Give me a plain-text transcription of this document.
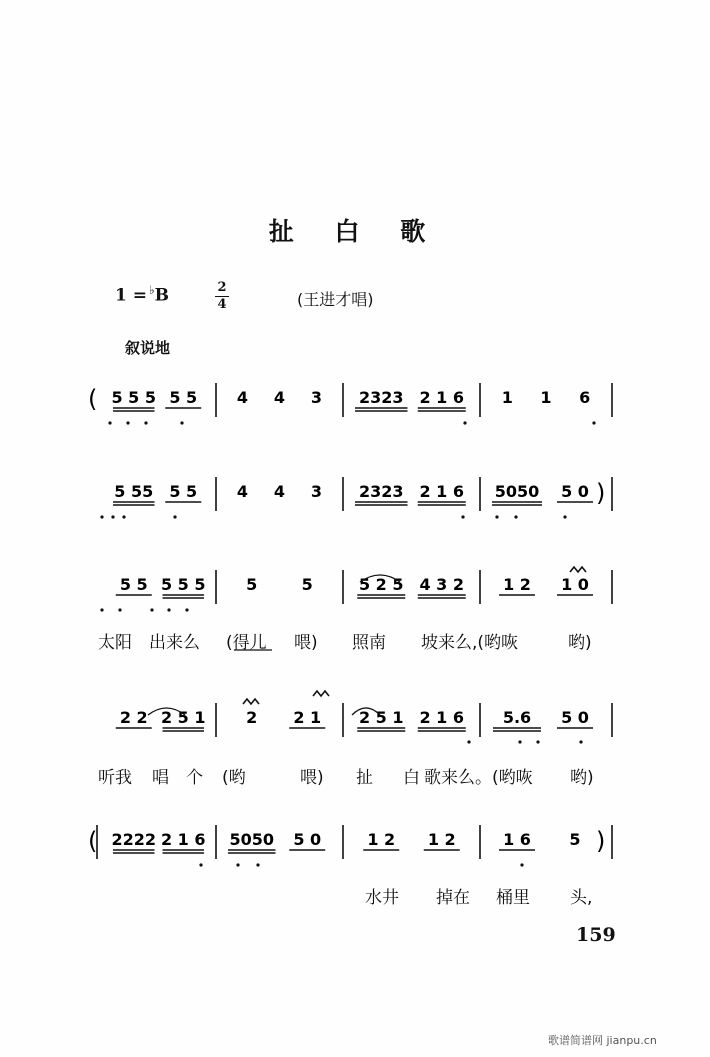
扯 白 歌
1 = ♭B	2
4	(王进才唱)
叙说地
( 5 5 5 5 5 4 4 3 2323 2 1 6 1 1 6
5 55 5 5 4 4 3 2323 2 1 6 5050 5 0 )
5 5 5 5 5	5	5	5 2 5 4 3 2 1 2 1 0
2 2 2 5 1	2 2 1 2 5 1 2 1 6 5.6 5 0
( 2222 2 1 6 5050 5 0	1 2 1 2	1 6 5 )
太阳 出来么 (得儿 喂) 照南 坡来么,(哟咴	哟)
听我 唱 个 (哟	喂) 扯 白 歌来么。(哟咴 哟)
水井 掉在 桶里 头,
159
歌谱简谱网 jianpu.cn
